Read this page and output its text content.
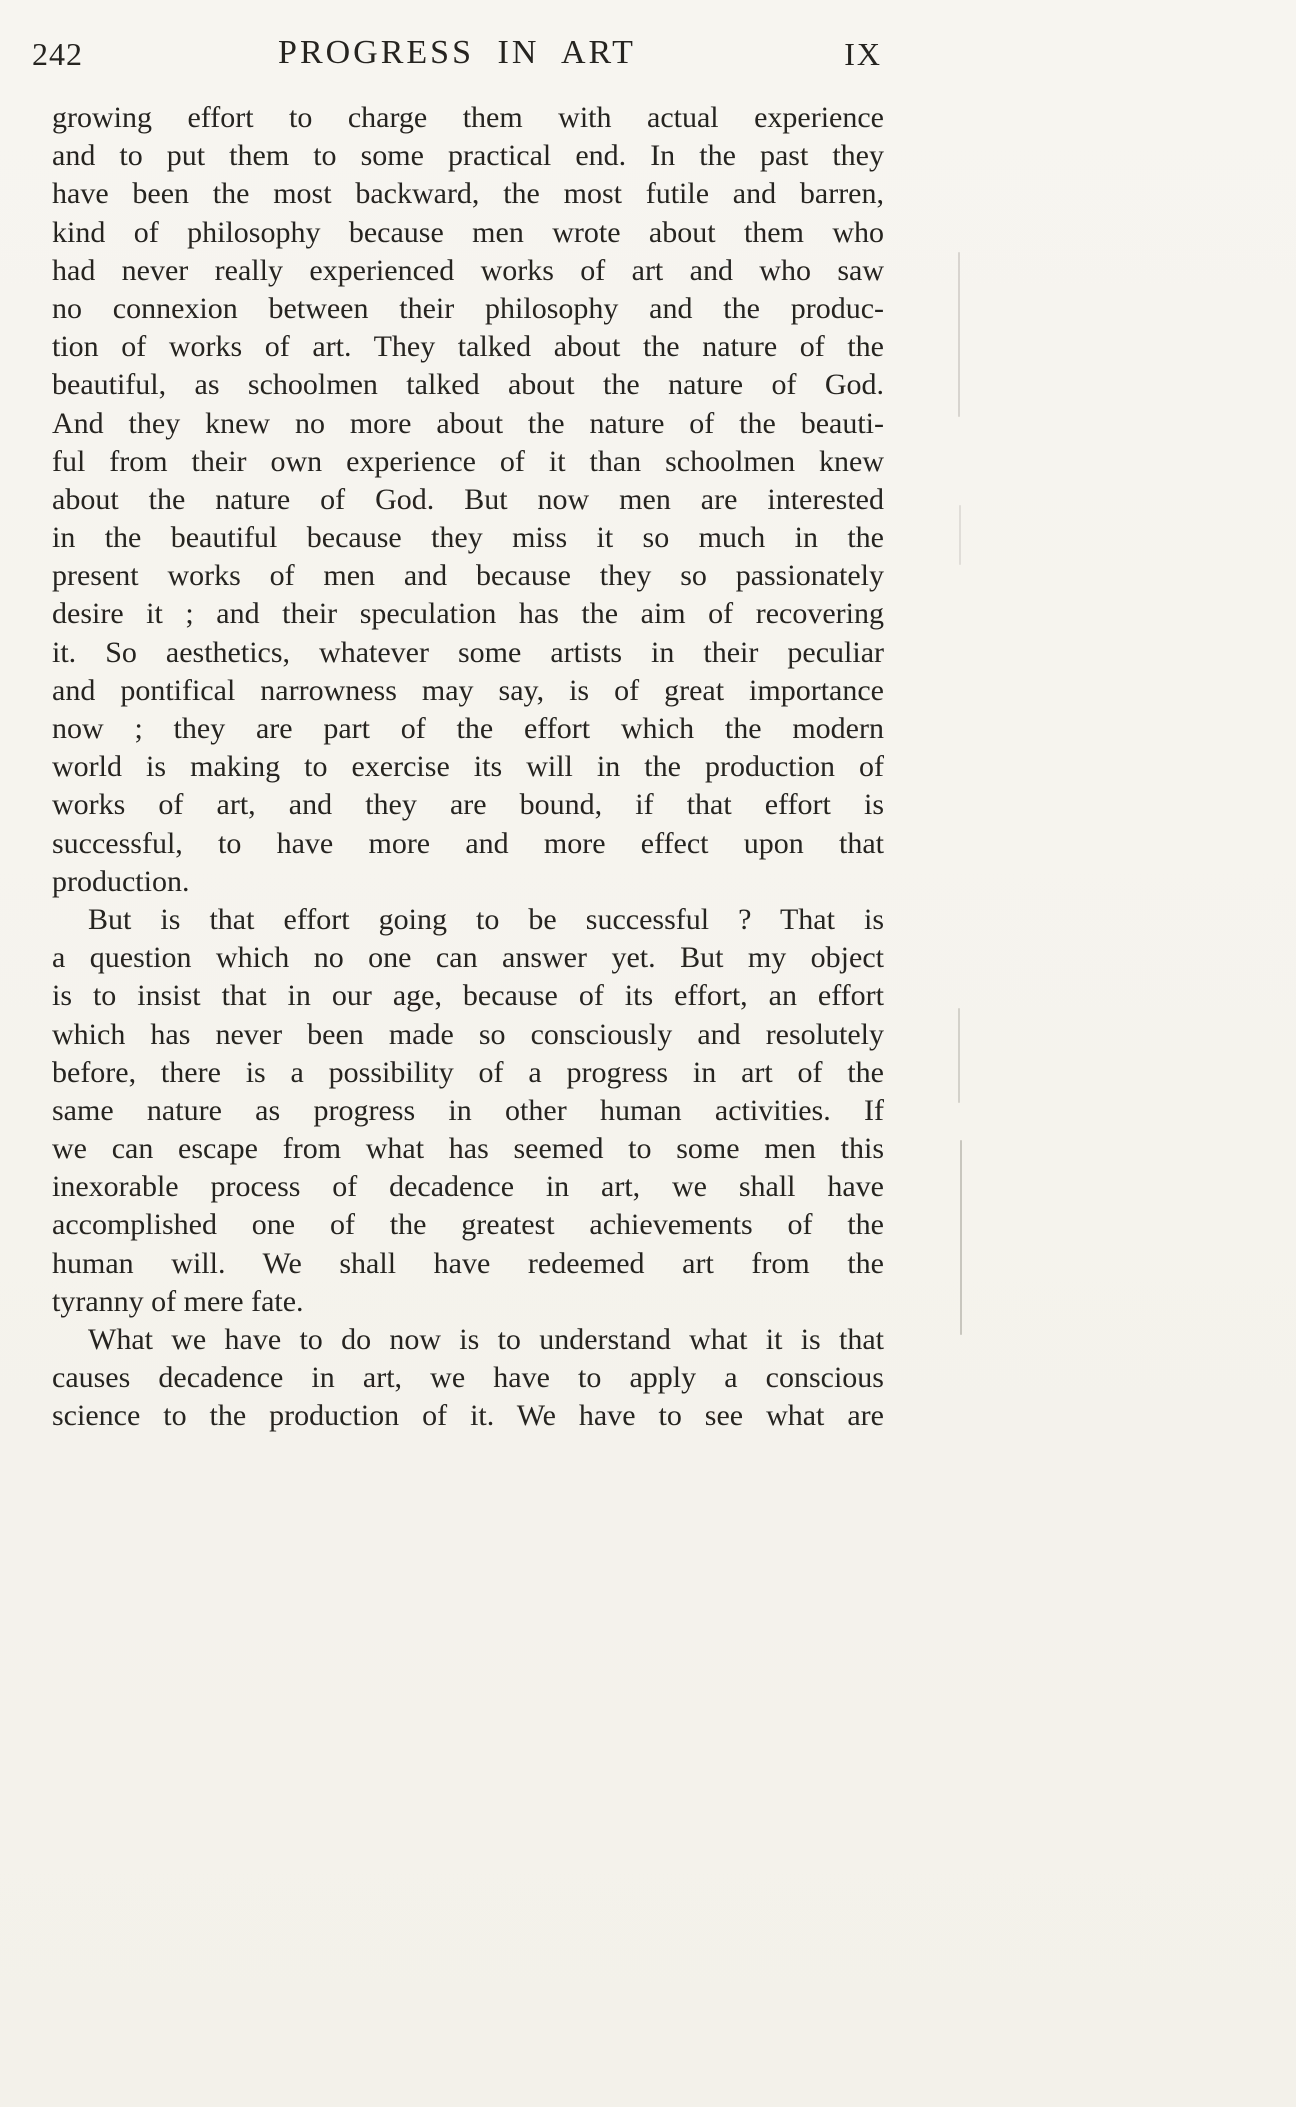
242	PROGRESS IN ART	IX
growing effort to charge them with actual experience
and to put them to some practical end. In the past they
have been the most backward, the most futile and barren,
kind of philosophy because men wrote about them who
had never really experienced works of art and who saw
no connexion between their philosophy and the produc-
tion of works of art. They talked about the nature of the
beautiful, as schoolmen talked about the nature of God.
And they knew no more about the nature of the beauti-
ful from their own experience of it than schoolmen knew
about the nature of God. But now men are interested
in the beautiful because they miss it so much in the
present works of men and because they so passionately
desire it ; and their speculation has the aim of recovering
it. So aesthetics, whatever some artists in their peculiar
and pontifical narrowness may say, is of great importance
now ; they are part of the effort which the modern
world is making to exercise its will in the production of
works of art, and they are bound, if that effort is
successful, to have more and more effect upon that
production.
But is that effort going to be successful ? That is
a question which no one can answer yet. But my object
is to insist that in our age, because of its effort, an effort
which has never been made so consciously and resolutely
before, there is a possibility of a progress in art of the
same nature as progress in other human activities. If
we can escape from what has seemed to some men this
inexorable process of decadence in art, we shall have
accomplished one of the greatest achievements of the
human will. We shall have redeemed art from the
tyranny of mere fate.
What we have to do now is to understand what it is that
causes decadence in art, we have to apply a conscious
science to the production of it. We have to see what are
